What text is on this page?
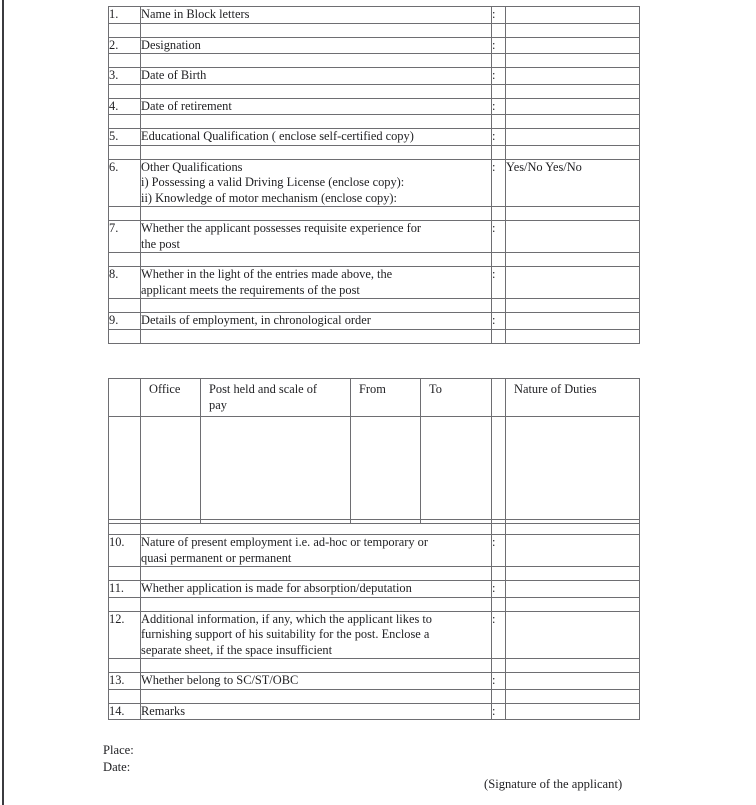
1.	Name in Block letters	:	

2.	Designation	:	

3.	Date of Birth	:	

4.	Date of retirement	:	

5.	Educational Qualification ( enclose self-certified copy)	:	

6.	Other Qualifications
i) Possessing a valid Driving License (enclose copy):
ii) Knowledge of motor mechanism (enclose copy):	:	Yes/No Yes/No

7.	Whether the applicant possesses requisite experience for
the post	:	

8.	Whether in the light of the entries made above, the
applicant meets the requirements of the post	:	

9.	Details of employment, in chronological order	:	

	Office	Post held and scale of
pay	From	To		Nature of Duties

10.	Nature of present employment i.e. ad-hoc or temporary or
quasi permanent or permanent	:	

11.	Whether application is made for absorption/deputation	:	

12.	Additional information, if any, which the applicant likes to
furnishing support of his suitability for the post. Enclose a
separate sheet, if the space insufficient	:	

13.	Whether belong to SC/ST/OBC	:	

14.	Remarks	:	
Place:
Date:
(Signature of the applicant)
